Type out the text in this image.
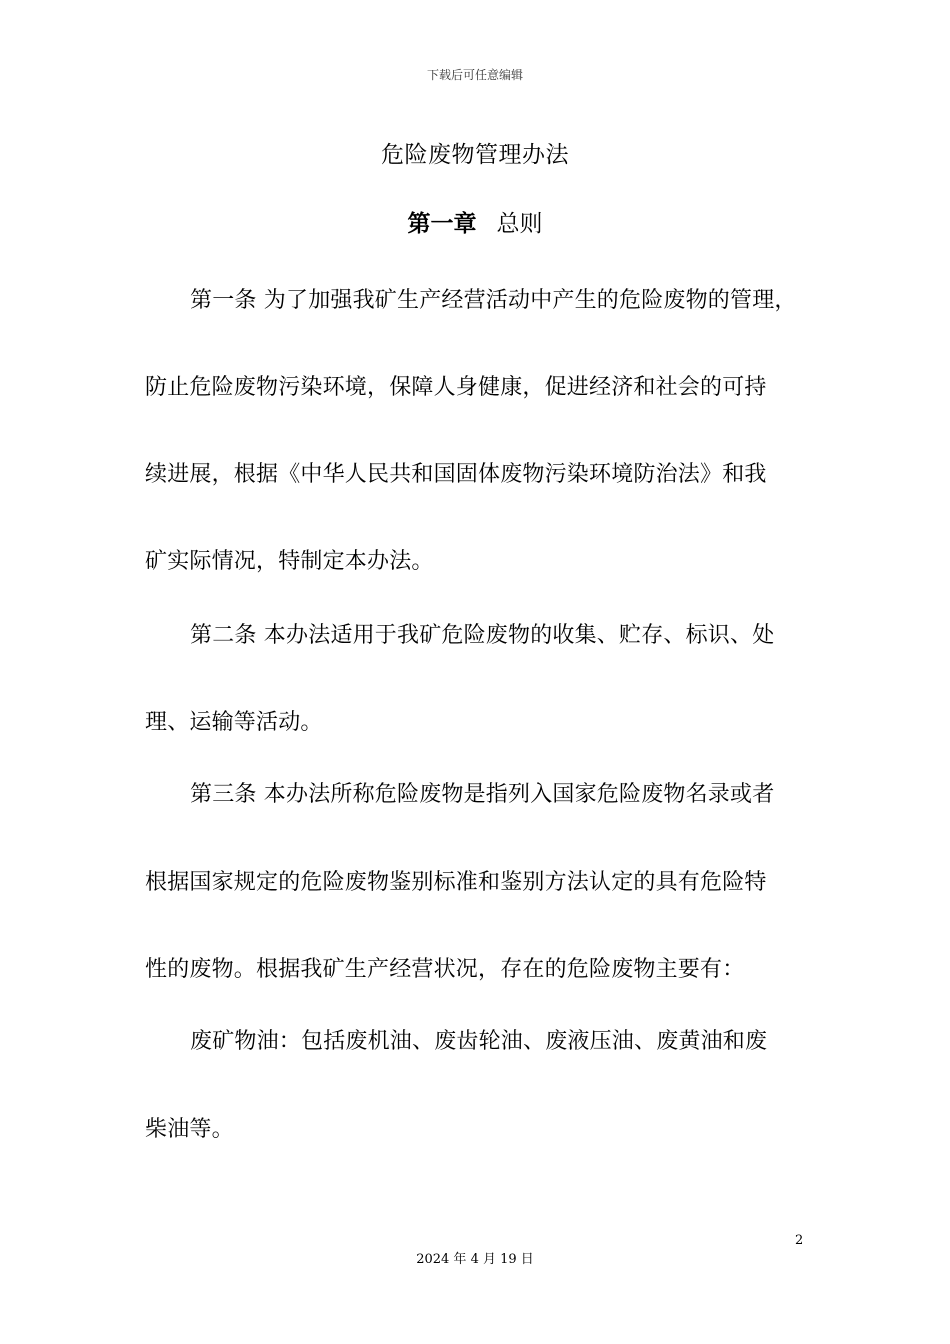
下载后可任意编辑
危险废物管理办法
第一章 总则
第一条 为了加强我矿生产经营活动中产生的危险废物的管理，
防止危险废物污染环境，保障人身健康，促进经济和社会的可持
续进展，根据《中华人民共和国固体废物污染环境防治法》和我
矿实际情况，特制定本办法。
第二条 本办法适用于我矿危险废物的收集、贮存、标识、处
理、运输等活动。
第三条 本办法所称危险废物是指列入国家危险废物名录或者
根据国家规定的危险废物鉴别标准和鉴别方法认定的具有危险特
性的废物。根据我矿生产经营状况，存在的危险废物主要有：
废矿物油：包括废机油、废齿轮油、废液压油、废黄油和废
柴油等。
2
2024 年 4 月 19 日
